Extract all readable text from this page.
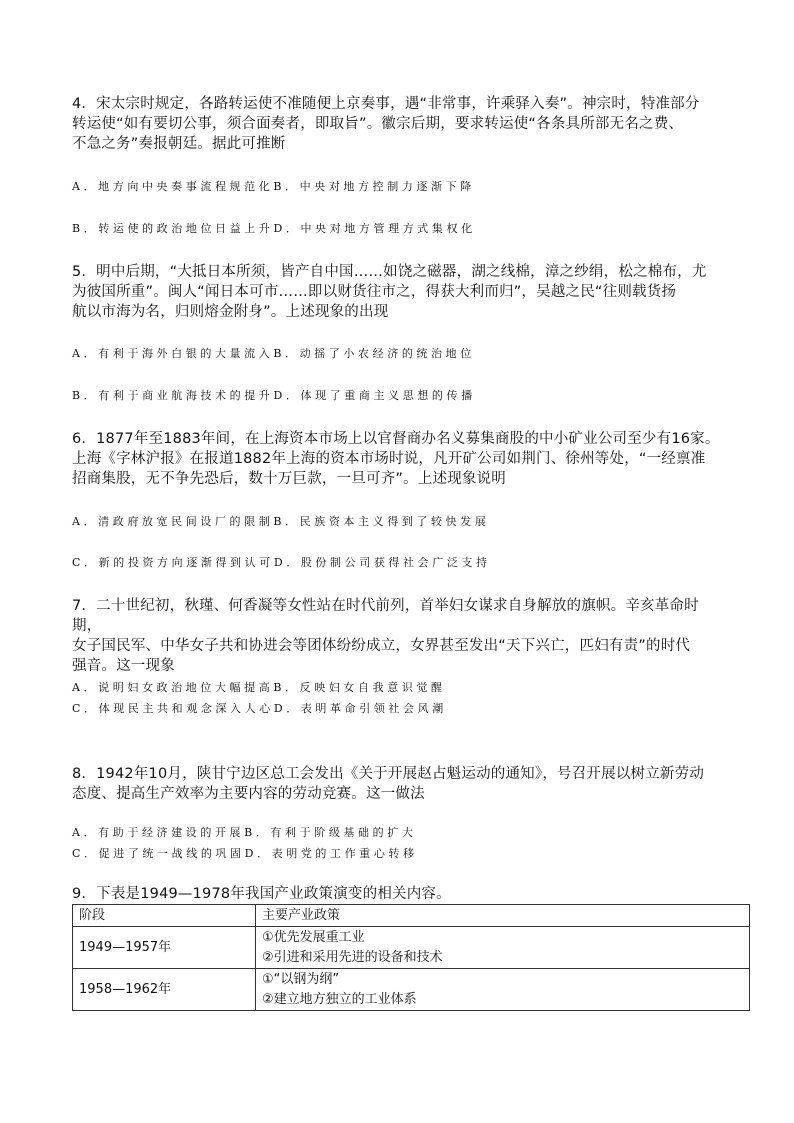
4．宋太宗时规定，各路转运使不准随便上京奏事，遇“非常事，许乘驿入奏”。神宗时，特准部分
转运使“如有要切公事，须合面奏者，即取旨”。徽宗后期，要求转运使“各条具所部无名之费、
不急之务”奏报朝廷。据此可推断
A．地方向中央奏事流程规范化B．中央对地方控制力逐渐下降
B．转运使的政治地位日益上升D．中央对地方管理方式集权化
5．明中后期，“大抵日本所须，皆产自中国……如饶之磁器，湖之线棉，漳之纱绢，松之棉布，尤
为彼国所重”。闽人“闻日本可市……即以财货往市之，得获大利而归”，吴越之民“往则载货扬
航以市海为名，归则熔金附身”。上述现象的出现
A．有利于海外白银的大量流入B．动摇了小农经济的统治地位
B．有利于商业航海技术的提升D．体现了重商主义思想的传播
6．1877年至1883年间，在上海资本市场上以官督商办名义募集商股的中小矿业公司至少有16家。
上海《字林沪报》在报道1882年上海的资本市场时说，凡开矿公司如荆门、徐州等处，“一经禀准
招商集股，无不争先恐后，数十万巨款，一旦可齐”。上述现象说明
A．清政府放宽民间设厂的限制B．民族资本主义得到了较快发展
C．新的投资方向逐渐得到认可D．股份制公司获得社会广泛支持
7．二十世纪初，秋瑾、何香凝等女性站在时代前列，首举妇女谋求自身解放的旗帜。辛亥革命时期，
女子国民军、中华女子共和协进会等团体纷纷成立，女界甚至发出“天下兴亡，匹妇有责”的时代
强音。这一现象
A．说明妇女政治地位大幅提高B．反映妇女自我意识觉醒
C．体现民主共和观念深入人心D．表明革命引领社会风潮
8．1942年10月，陕甘宁边区总工会发出《关于开展赵占魁运动的通知》，号召开展以树立新劳动
态度、提高生产效率为主要内容的劳动竞赛。这一做法
A．有助于经济建设的开展B．有利于阶级基础的扩大
C．促进了统一战线的巩固D．表明党的工作重心转移
9．下表是1949—1978年我国产业政策演变的相关内容。
阶段	主要产业政策
1949—1957年	①优先发展重工业
②引进和采用先进的设备和技术

1958—1962年	①“以钢为纲”
②建立地方独立的工业体系
